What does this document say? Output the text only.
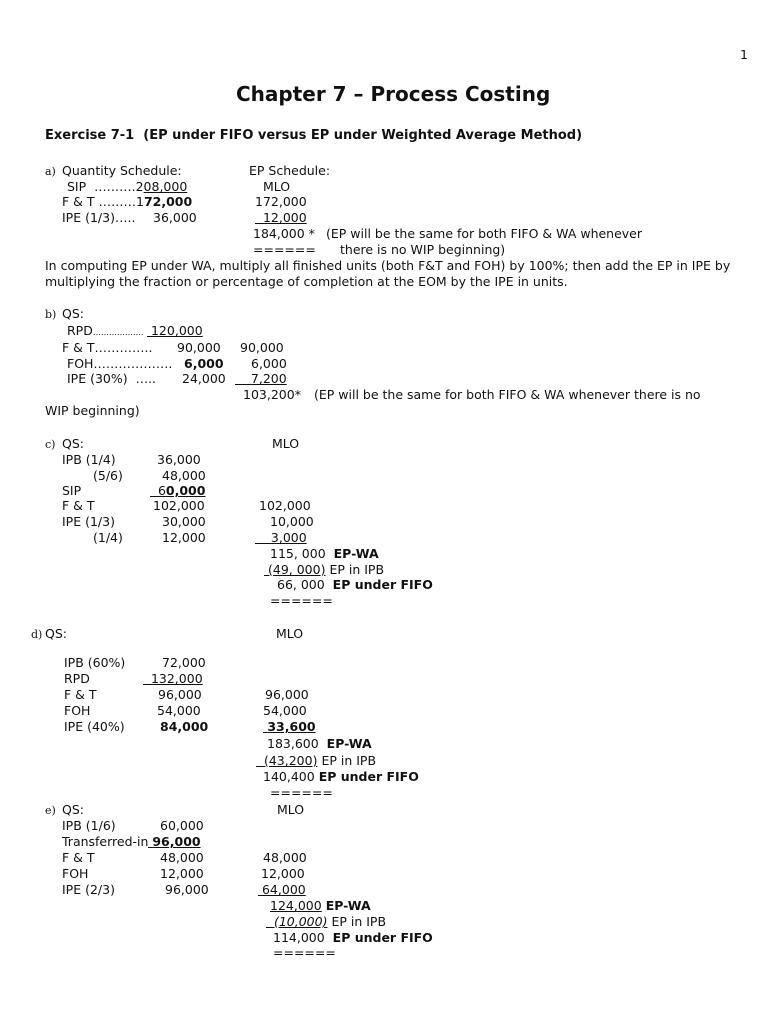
1
Chapter 7 – Process Costing
Exercise 7-1  (EP under FIFO versus EP under Weighted Average Method)
a) Quantity Schedule:	EP Schedule:
SIP  ……….208,000	MLO
F & T ………172,000	172,000
IPE (1/3)….. 36,000	12,000
184,000 * (EP will be the same for both FIFO & WA whenever
====== there is no WIP beginning)
In computing EP under WA, multiply all finished units (both F&T and FOH) by 100%; then add the EP in IPE by multiplying the fraction or percentage of completion at the EOM by the IPE in units.
b) QS:
RPD………………. 120,000
F & T………….. 90,000 90,000
FOH………………. 6,000 6,000
IPE (30%)  ….. 24,000	7,200
103,200* (EP will be the same for both FIFO & WA whenever there is no
WIP beginning)
c) QS:	MLO
IPB (1/4)	36,000
(5/6)	48,000
SIP	60,000
F & T	102,000	102,000
IPE (1/3)	30,000	10,000
(1/4)	12,000	3,000
115, 000 EP-WA
(49, 000) EP in IPB
66, 000 EP under FIFO
======
d) QS:	MLO
IPB (60%)	72,000
RPD	132,000
F & T	96,000	96,000
FOH	54,000	54,000
IPE (40%)	84,000	33,600
183,600 EP-WA
(43,200) EP in IPB
140,400 EP under FIFO
======
e) QS:	MLO
IPB (1/6)	60,000
Transferred-in 96,000
F & T	48,000	48,000
FOH	12,000	12,000
IPE (2/3)	96,000	64,000
124,000 EP-WA
(10,000) EP in IPB
114,000 EP under FIFO
======
